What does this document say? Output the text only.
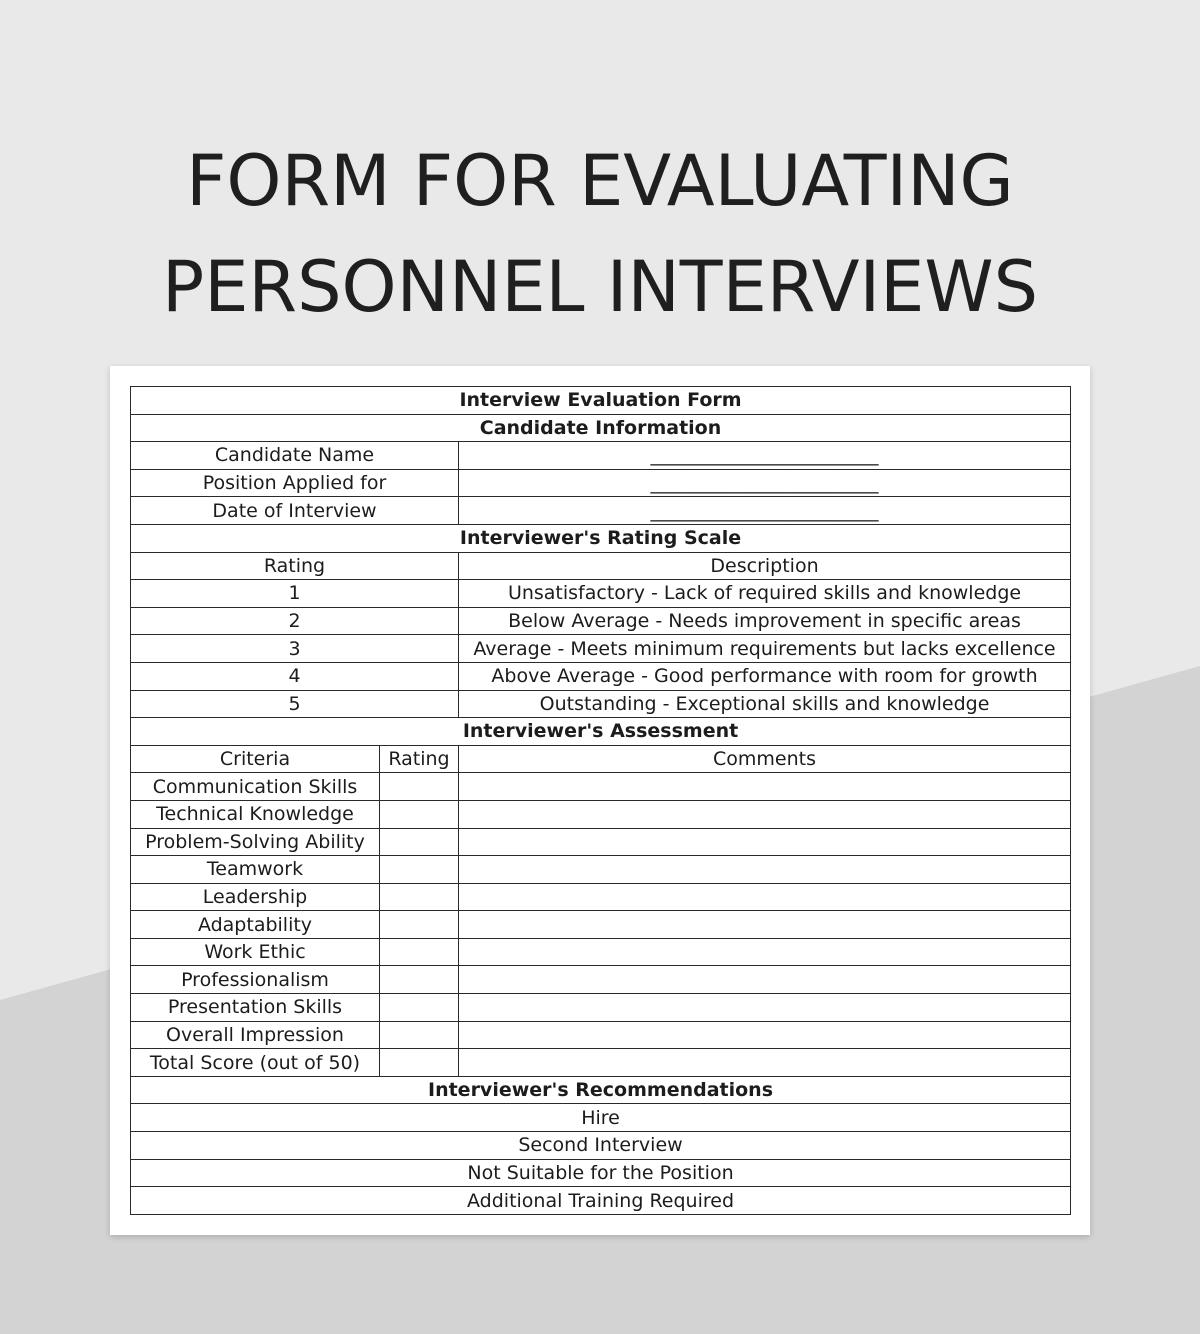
FORM FOR EVALUATING
PERSONNEL INTERVIEWS
Interview Evaluation Form		
Candidate Information		
Candidate Name		________________________
Position Applied for		________________________
Date of Interview		________________________
Interviewer's Rating Scale		
Rating		Description
1		Unsatisfactory - Lack of required skills and knowledge
2		Below Average - Needs improvement in specific areas
3		Average - Meets minimum requirements but lacks excellence
4		Above Average - Good performance with room for growth
5		Outstanding - Exceptional skills and knowledge
Interviewer's Assessment		
Criteria	Rating	Comments
Communication Skills		
Technical Knowledge		
Problem-Solving Ability		
Teamwork		
Leadership		
Adaptability		
Work Ethic		
Professionalism		
Presentation Skills		
Overall Impression		
Total Score (out of 50)		
Interviewer's Recommendations		
Hire		
Second Interview		
Not Suitable for the Position		
Additional Training Required		
